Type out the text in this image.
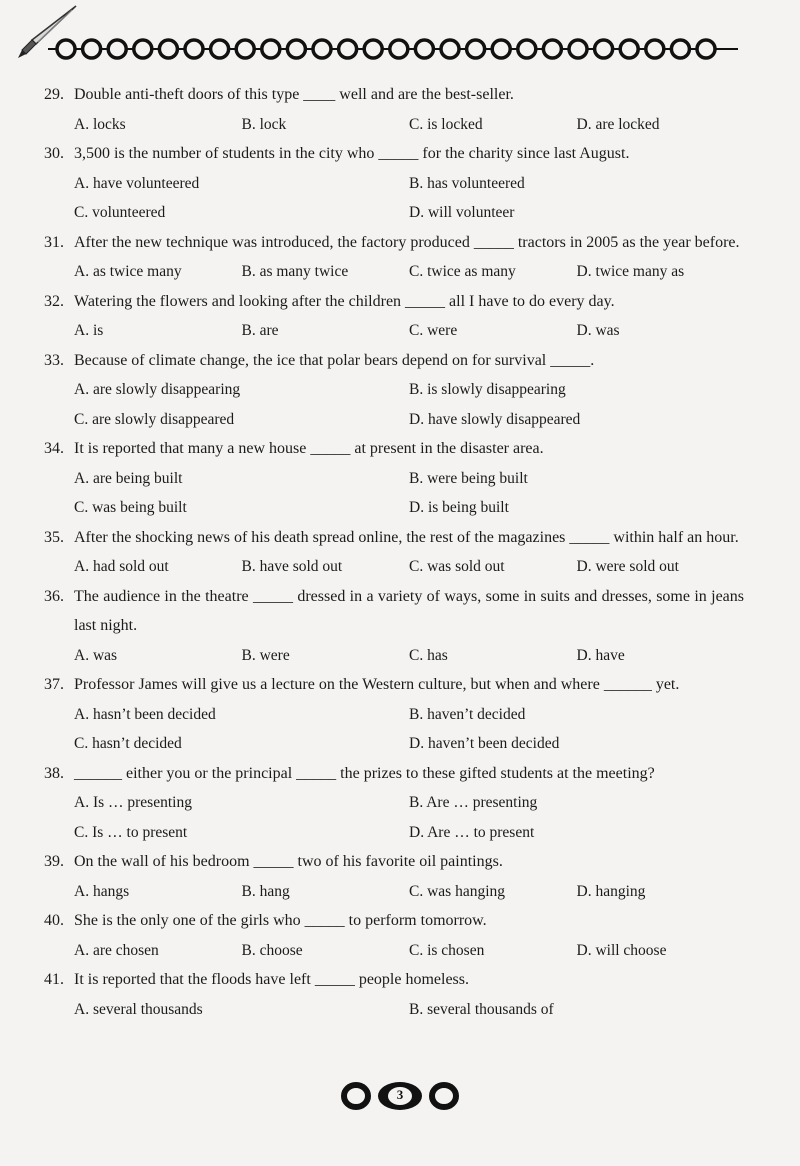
29. Double anti-theft doors of this type ____ well and are the best-seller.
A. locks	B. lock	C. is locked	D. are locked
30. 3,500 is the number of students in the city who _____ for the charity since last August.
A. have volunteered	B. has volunteered
C. volunteered	D. will volunteer
31. After the new technique was introduced, the factory produced _____ tractors in 2005 as the year before.
A. as twice many	B. as many twice	C. twice as many	D. twice many as
32. Watering the flowers and looking after the children _____ all I have to do every day.
A. is	B. are	C. were	D. was
33. Because of climate change, the ice that polar bears depend on for survival _____.
A. are slowly disappearing	B. is slowly disappearing
C. are slowly disappeared	D. have slowly disappeared
34. It is reported that many a new house _____ at present in the disaster area.
A. are being built	B. were being built
C. was being built	D. is being built
35. After the shocking news of his death spread online, the rest of the magazines _____ within half an hour.
A. had sold out	B. have sold out	C. was sold out	D. were sold out
36. The audience in the theatre _____ dressed in a variety of ways, some in suits and dresses, some in jeans last night.
A. was	B. were	C. has	D. have
37. Professor James will give us a lecture on the Western culture, but when and where ______ yet.
A. hasn’t been decided	B. haven’t decided
C. hasn’t decided	D. haven’t been decided
38. ______ either you or the principal _____ the prizes to these gifted students at the meeting?
A. Is … presenting	B. Are … presenting
C. Is … to present	D. Are … to present
39. On the wall of his bedroom _____ two of his favorite oil paintings.
A. hangs	B. hang	C. was hanging	D. hanging
40. She is the only one of the girls who _____ to perform tomorrow.
A. are chosen	B. choose	C. is chosen	D. will choose
41. It is reported that the floods have left _____ people homeless.
A. several thousands	B. several thousands of
3
